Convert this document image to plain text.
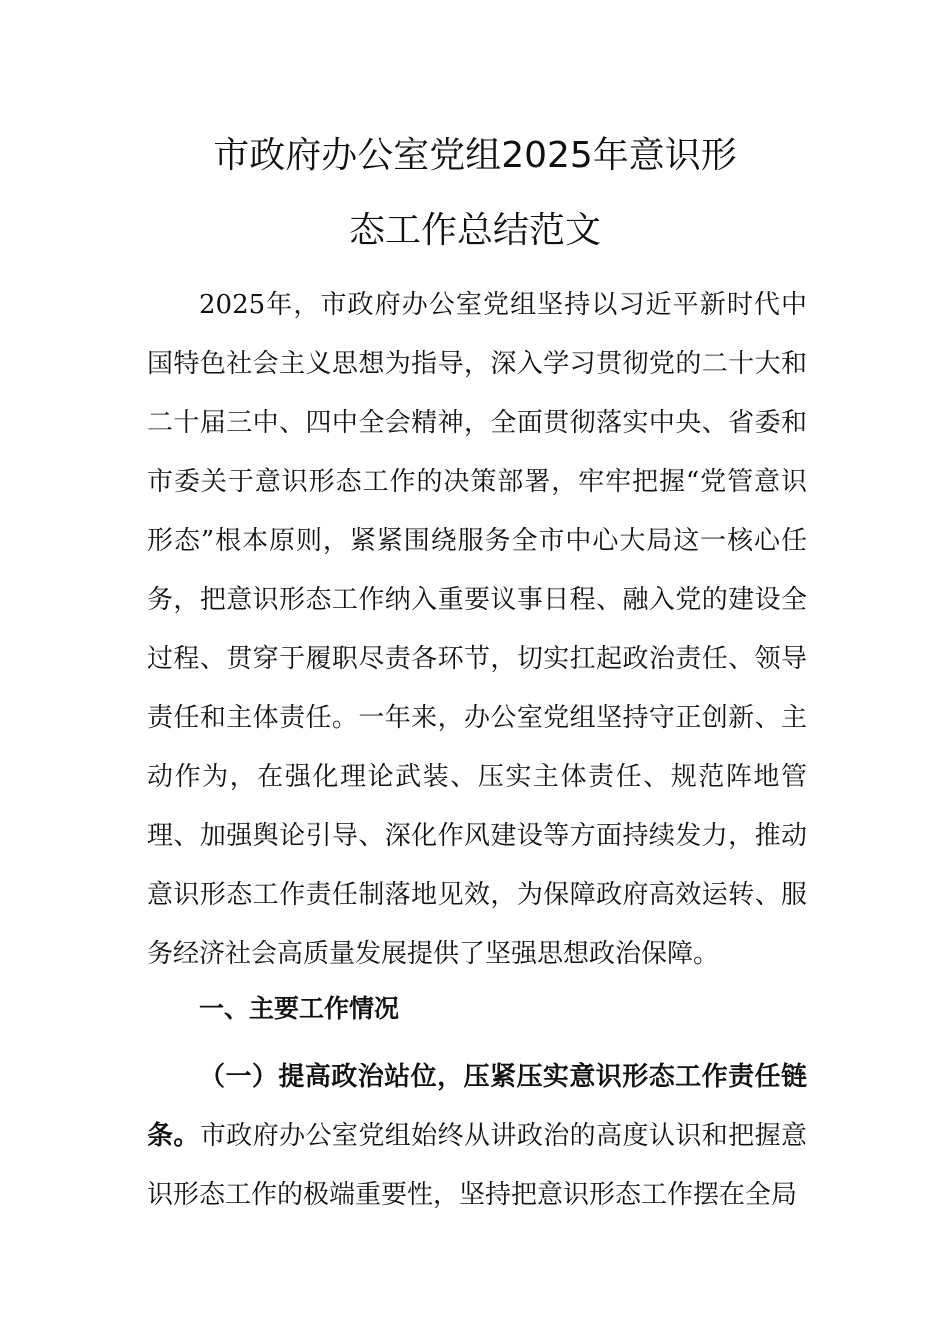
市政府办公室党组2025年意识形
态工作总结范文

2025年，市政府办公室党组坚持以习近平新时代中国特色社会主义思想为指导，深入学习贯彻党的二十大和二十届三中、四中全会精神，全面贯彻落实中央、省委和市委关于意识形态工作的决策部署，牢牢把握“党管意识形态”根本原则，紧紧围绕服务全市中心大局这一核心任务，把意识形态工作纳入重要议事日程、融入党的建设全过程、贯穿于履职尽责各环节，切实扛起政治责任、领导责任和主体责任。一年来，办公室党组坚持守正创新、主动作为，在强化理论武装、压实主体责任、规范阵地管理、加强舆论引导、深化作风建设等方面持续发力，推动意识形态工作责任制落地见效，为保障政府高效运转、服务经济社会高质量发展提供了坚强思想政治保障。

一、主要工作情况

（一）提高政治站位，压紧压实意识形态工作责任链条。市政府办公室党组始终从讲政治的高度认识和把握意识形态工作的极端重要性，坚持把意识形态工作摆在全局
